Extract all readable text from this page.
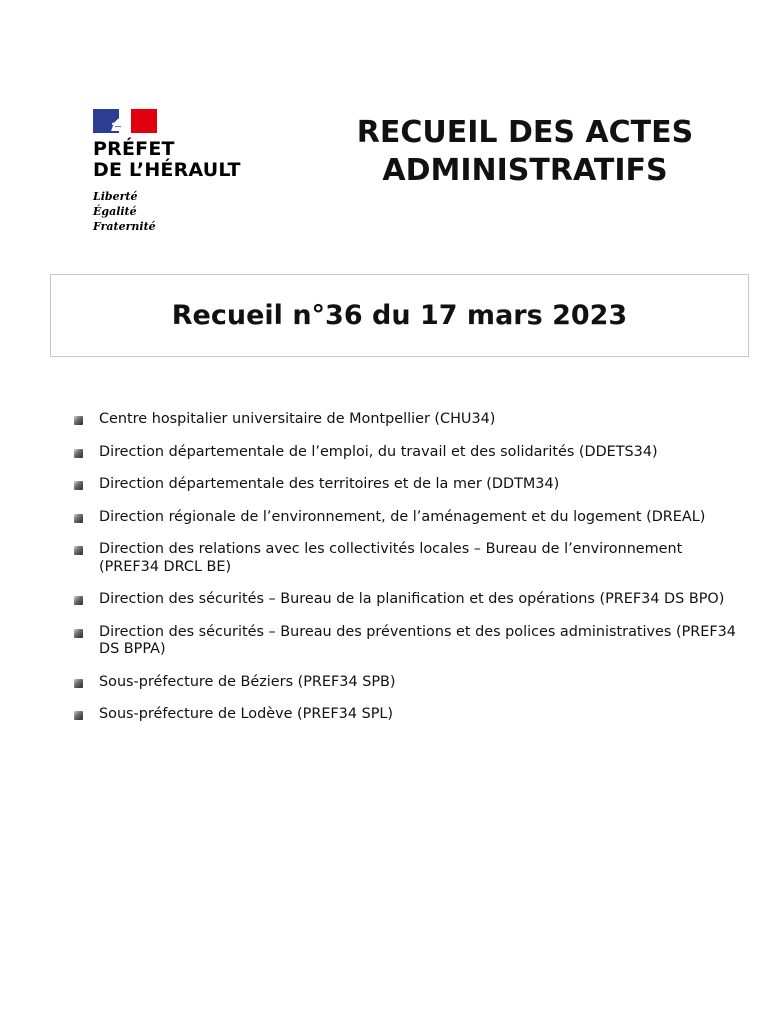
PRÉFET
DE L’HÉRAULT
Liberté
Égalité
Fraternité
RECUEIL DES ACTES
ADMINISTRATIFS
Recueil n°36 du 17 mars 2023
Centre hospitalier universitaire de Montpellier (CHU34)
Direction départementale de l’emploi, du travail et des solidarités (DDETS34)
Direction départementale des territoires et de la mer (DDTM34)
Direction régionale de l’environnement, de l’aménagement et du logement (DREAL)
Direction des relations avec les collectivités locales – Bureau de l’environnement (PREF34 DRCL BE)
Direction des sécurités – Bureau de la planification et des opérations (PREF34 DS BPO)
Direction des sécurités – Bureau des préventions et des polices administratives (PREF34 DS BPPA)
Sous-préfecture de Béziers (PREF34 SPB)
Sous-préfecture de Lodève (PREF34 SPL)
